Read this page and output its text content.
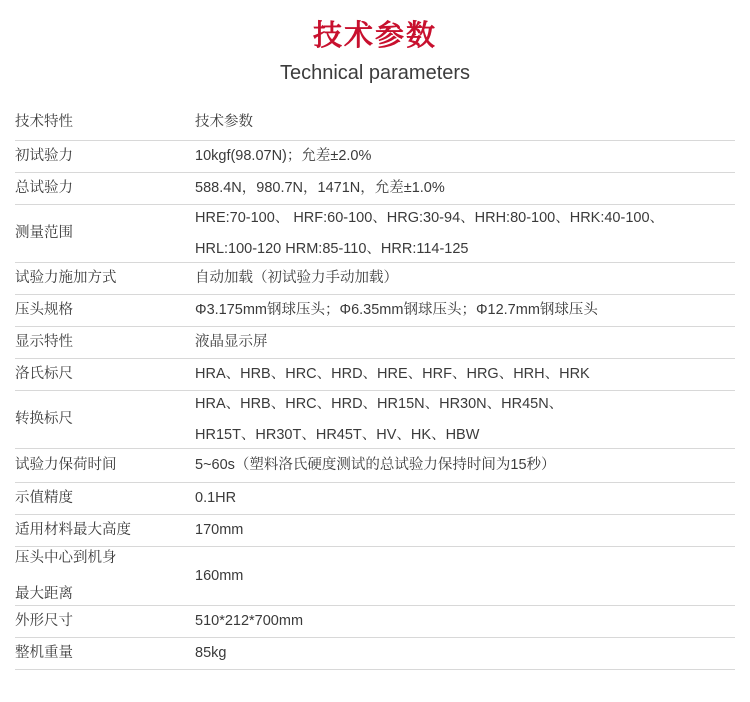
技术参数
Technical parameters
技术特性	技术参数
初试验力	10kgf(98.07N)；允差±2.0%
总试验力	588.4N，980.7N，1471N，允差±1.0%
测量范围	HRE:70-100、 HRF:60-100、HRG:30-94、HRH:80-100、HRK:40-100、
HRL:100-120 HRM:85-110、HRR:114-125

试验力施加方式	自动加载（初试验力手动加载）
压头规格	Φ3.175mm钢球压头；Φ6.35mm钢球压头；Φ12.7mm钢球压头
显示特性	液晶显示屏
洛氏标尺	HRA、HRB、HRC、HRD、HRE、HRF、HRG、HRH、HRK
转换标尺	HRA、HRB、HRC、HRD、HR15N、HR30N、HR45N、
HR15T、HR30T、HR45T、HV、HK、HBW

试验力保荷时间	5~60s（塑料洛氏硬度测试的总试验力保持时间为15秒）
示值精度	0.1HR
适用材料最大高度	170mm

压头中心到机身
最大距离	160mm
外形尺寸	510*212*700mm
整机重量	85kg
